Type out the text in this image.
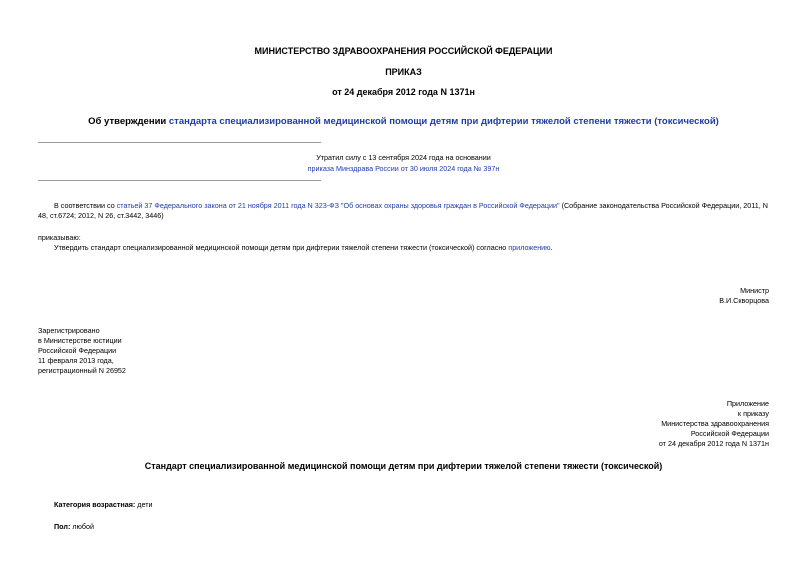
МИНИСТЕРСТВО ЗДРАВООХРАНЕНИЯ РОССИЙСКОЙ ФЕДЕРАЦИИ
ПРИКАЗ
от 24 декабря 2012 года N 1371н
Об утверждении стандарта специализированной медицинской помощи детям при дифтерии тяжелой степени тяжести (токсической)
Утратил силу с 13 сентября 2024 года на основании
приказа Минздрава России от 30 июля 2024 года № 397н
В соответствии со статьей 37 Федерального закона от 21 ноября 2011 года N 323-ФЗ "Об основах охраны здоровья граждан в Российской Федерации" (Собрание законодательства Российской Федерации, 2011, N 48, ст.6724; 2012, N 26, ст.3442, 3446)
приказываю:
Утвердить стандарт специализированной медицинской помощи детям при дифтерии тяжелой степени тяжести (токсической) согласно приложению.
Министр
В.И.Скворцова
Зарегистрировано
в Министерстве юстиции
Российской Федерации
11 февраля 2013 года,
регистрационный N 26952
Приложение
к приказу
Министерства здравоохранения
Российской Федерации
от 24 декабря 2012 года N 1371н
Стандарт специализированной медицинской помощи детям при дифтерии тяжелой степени тяжести (токсической)
Категория возрастная: дети
Пол: любой
